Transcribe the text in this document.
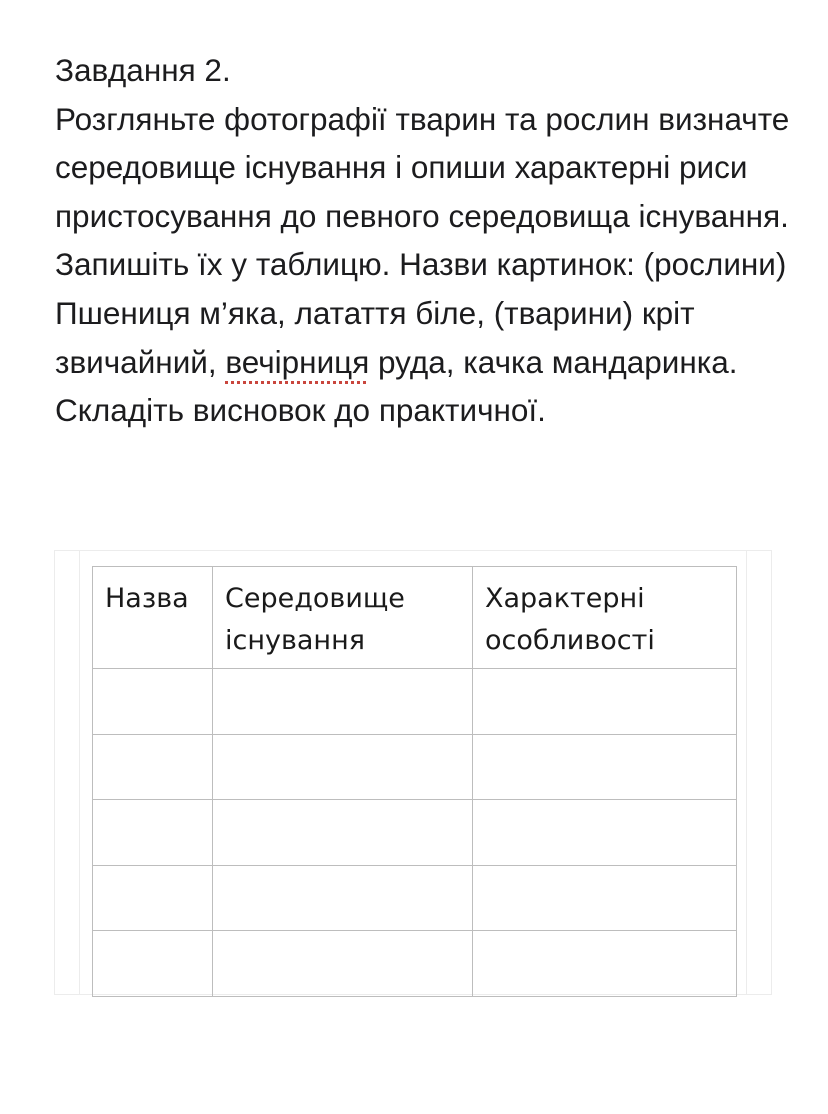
Завдання 2.

Розгляньте фотографії тварин та рослин визначте середовище існування і опиши характерні риси пристосування до певного середовища існування. Запишіть їх у таблицю. Назви картинок: (рослини) Пшениця м’яка, латаття біле, (тварини) кріт звичайний, вечірниця руда, качка мандаринка.

Складіть висновок до практичної.

Назва	Середовище існування	Характерні особливості
